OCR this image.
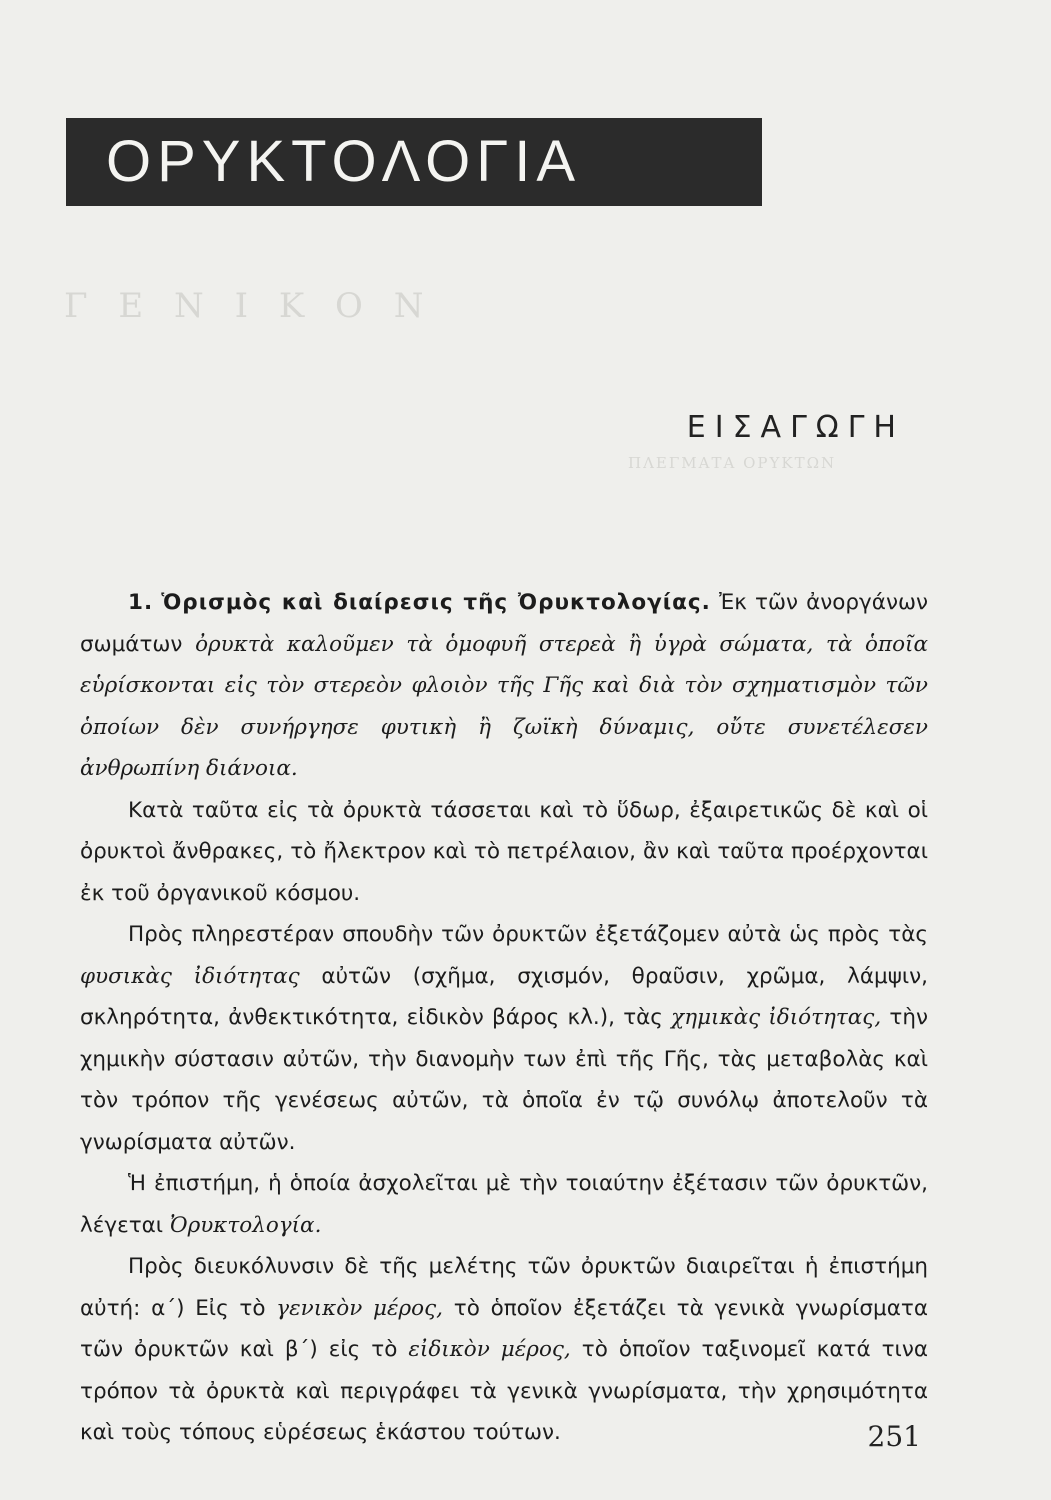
Γ Ε Ν Ι Κ Ο Ν
ΠΛΕΓΜΑΤΑ ΟΡΥΚΤΩΝ
ΟΡΥΚΤΟΛΟΓΙΑ
ΕΙΣΑΓΩΓΗ

1. Ὁρισμὸς καὶ διαίρεσις τῆς Ὀρυκτολογίας. Ἐκ τῶν ἀνοργάνων σωμάτων ὀρυκτὰ καλοῦμεν τὰ ὁμοφυῆ στερεὰ ἢ ὑγρὰ σώματα, τὰ ὁποῖα εὑρίσκονται εἰς τὸν στερεὸν φλοιὸν τῆς Γῆς καὶ διὰ τὸν σχηματισμὸν τῶν ὁποίων δὲν συνήργησε φυτικὴ ἢ ζωϊκὴ δύναμις, οὔτε συνετέλεσεν ἀνθρωπίνη διάνοια.

Κατὰ ταῦτα εἰς τὰ ὀρυκτὰ τάσσεται καὶ τὸ ὕδωρ, ἐξαιρετικῶς δὲ καὶ οἱ ὀρυκτοὶ ἄνθρακες, τὸ ἤλεκτρον καὶ τὸ πετρέλαιον, ἂν καὶ ταῦτα προέρχονται ἐκ τοῦ ὀργανικοῦ κόσμου.

Πρὸς πληρεστέραν σπουδὴν τῶν ὀρυκτῶν ἐξετάζομεν αὐτὰ ὡς πρὸς τὰς φυσικὰς ἰδιότητας αὐτῶν (σχῆμα, σχισμόν, θραῦσιν, χρῶμα, λάμψιν, σκληρότητα, ἀνθεκτικότητα, εἰδικὸν βάρος κλ.), τὰς χημικὰς ἰδιότητας, τὴν χημικὴν σύστασιν αὐτῶν, τὴν διανομὴν των ἐπὶ τῆς Γῆς, τὰς μεταβολὰς καὶ τὸν τρόπον τῆς γενέσεως αὐτῶν, τὰ ὁποῖα ἐν τῷ συνόλῳ ἀποτελοῦν τὰ γνωρίσματα αὐτῶν.

Ἡ ἐπιστήμη, ἡ ὁποία ἀσχολεῖται μὲ τὴν τοιαύτην ἐξέτασιν τῶν ὀρυκτῶν, λέγεται Ὀρυκτολογία.

Πρὸς διευκόλυνσιν δὲ τῆς μελέτης τῶν ὀρυκτῶν διαιρεῖται ἡ ἐπιστήμη αὐτή: α΄) Εἰς τὸ γενικὸν μέρος, τὸ ὁποῖον ἐξετάζει τὰ γενικὰ γνωρίσματα τῶν ὀρυκτῶν καὶ β΄) εἰς τὸ εἰδικὸν μέρος, τὸ ὁποῖον ταξινομεῖ κατά τινα τρόπον τὰ ὀρυκτὰ καὶ περιγράφει τὰ γενικὰ γνωρίσματα, τὴν χρησιμότητα καὶ τοὺς τόπους εὑρέσεως ἑκάστου τούτων.	251
